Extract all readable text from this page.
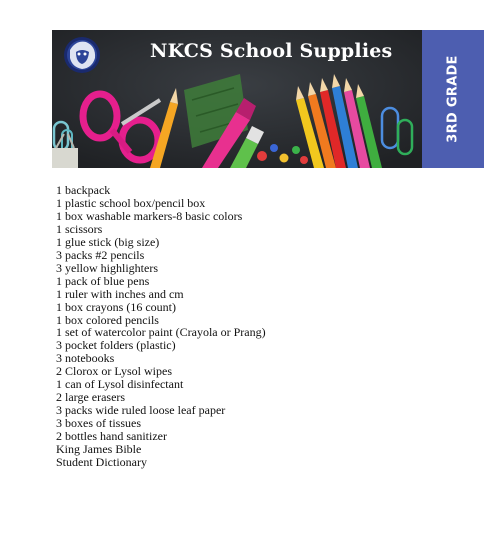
NKCS School Supplies
3RD GRADE
1 backpack
1 plastic school box/pencil box
1 box washable markers-8 basic colors
1 scissors
1 glue stick (big size)
3 packs #2 pencils
3 yellow highlighters
1 pack of blue pens
1 ruler with inches and cm
1 box crayons (16 count)
1 box colored pencils
1 set of watercolor paint (Crayola or Prang)
3 pocket folders (plastic)
3 notebooks
2 Clorox or Lysol wipes
1 can of Lysol disinfectant
2 large erasers
3 packs wide ruled loose leaf paper
3 boxes of tissues
2 bottles hand sanitizer
King James Bible
Student Dictionary
